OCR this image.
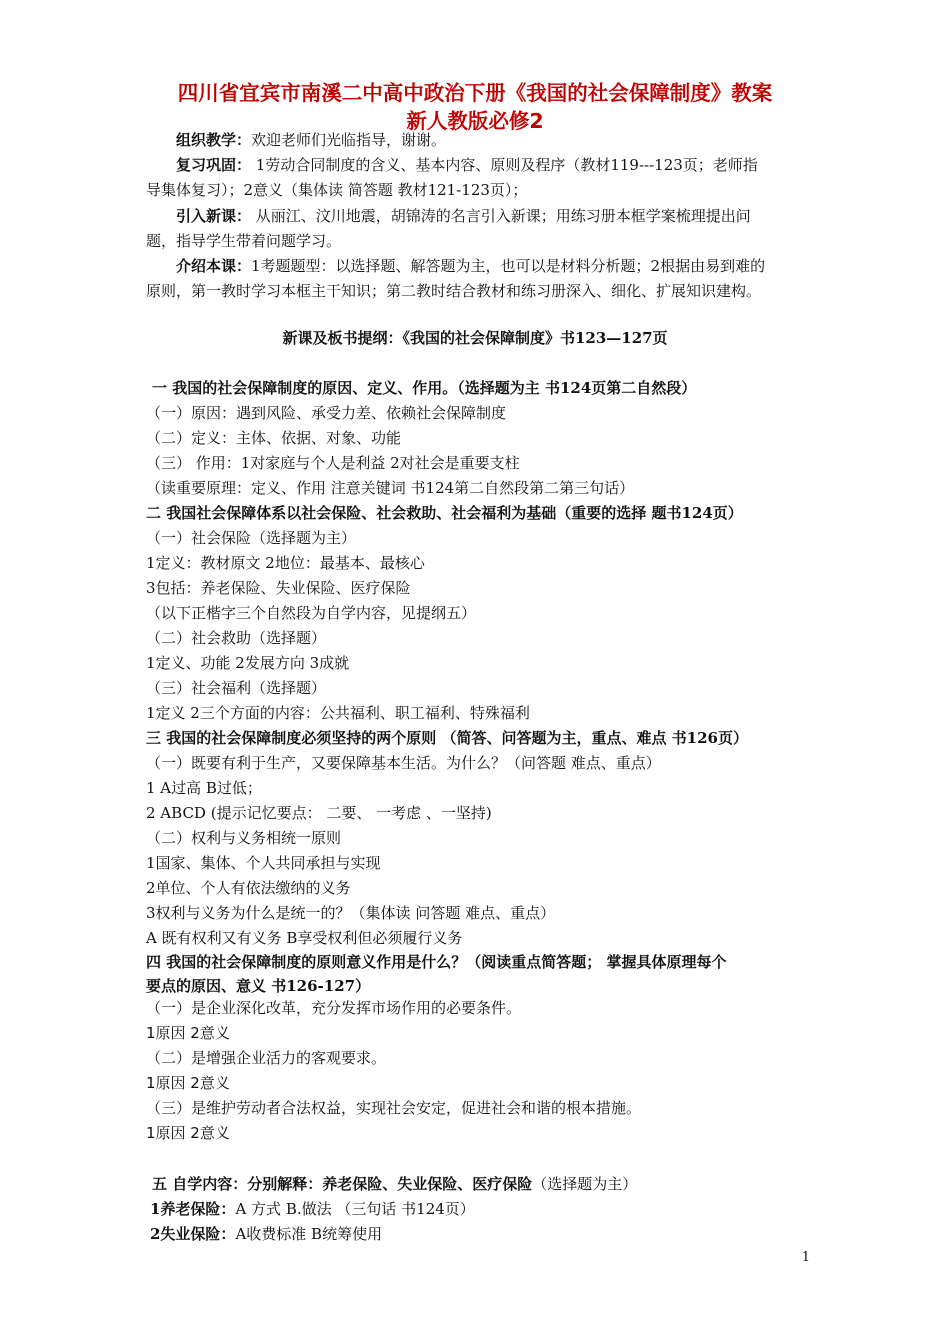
四川省宜宾市南溪二中高中政治下册《我国的社会保障制度》教案
新人教版必修2
组织教学：欢迎老师们光临指导，谢谢。
复习巩固： 1劳动合同制度的含义、基本内容、原则及程序（教材119---123页；老师指
导集体复习）；2意义（集体读 简答题 教材121-123页）；
引入新课： 从丽江、汶川地震，胡锦涛的名言引入新课；用练习册本框学案梳理提出问
题，指导学生带着问题学习。
介绍本课：1考题题型：以选择题、解答题为主，也可以是材料分析题；2根据由易到难的
原则，第一教时学习本框主干知识；第二教时结合教材和练习册深入、细化、扩展知识建构。
新课及板书提纲：《我国的社会保障制度》书123—127页
一 我国的社会保障制度的原因、定义、作用。（选择题为主 书124页第二自然段）
（一）原因：遇到风险、承受力差、依赖社会保障制度
（二）定义：主体、依据、对象、功能
（三） 作用：1对家庭与个人是利益 2对社会是重要支柱
（读重要原理：定义、作用 注意关键词 书124第二自然段第二第三句话）
二 我国社会保障体系以社会保险、社会救助、社会福利为基础（重要的选择 题书124页）
（一）社会保险（选择题为主）
1定义：教材原文 2地位：最基本、最核心
3包括：养老保险、失业保险、医疗保险
（以下正楷字三个自然段为自学内容，见提纲五）
（二）社会救助（选择题）
1定义、功能 2发展方向 3成就
（三）社会福利（选择题）
1定义 2三个方面的内容：公共福利、职工福利、特殊福利
三 我国的社会保障制度必须坚持的两个原则 （简答、问答题为主，重点、难点 书126页）
（一）既要有利于生产，又要保障基本生活。为什么？（问答题 难点、重点）
1 A过高 B过低；
2 ABCD (提示记忆要点： 二要、 一考虑 、一坚持)
（二）权利与义务相统一原则
1国家、集体、个人共同承担与实现
2单位、个人有依法缴纳的义务
3权利与义务为什么是统一的？（集体读 问答题 难点、重点）
A 既有权利又有义务 B享受权利但必须履行义务
四 我国的社会保障制度的原则意义作用是什么？（阅读重点简答题； 掌握具体原理每个
要点的原因、意义 书126-127）
（一）是企业深化改革，充分发挥市场作用的必要条件。
1原因 2意义
（二）是增强企业活力的客观要求。
1原因 2意义
（三）是维护劳动者合法权益，实现社会安定，促进社会和谐的根本措施。
1原因 2意义
五 自学内容：分别解释：养老保险、失业保险、医疗保险（选择题为主）
1养老保险：A 方式 B.做法 （三句话 书124页）
2失业保险：A收费标准 B统筹使用
1
